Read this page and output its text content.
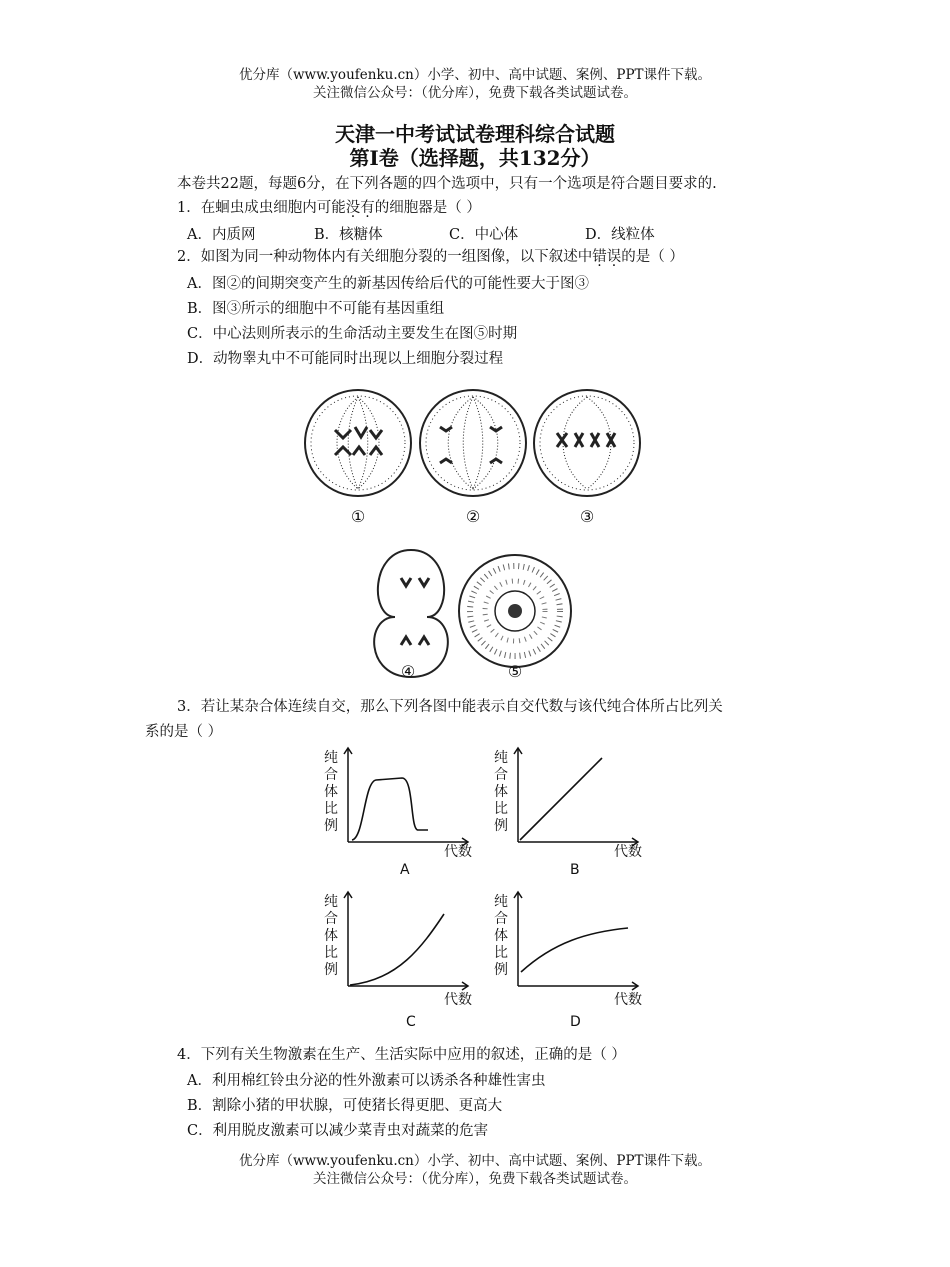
优分库（www.youfenku.cn）小学、初中、高中试题、案例、PPT课件下载。
关注微信公众号：（优分库），免费下载各类试题试卷。
天津一中考试试卷理科综合试题
第I卷（选择题，共132分）
本卷共22题，每题6分，在下列各题的四个选项中，只有一个选项是符合题目要求的.
1．在蛔虫成虫细胞内可能没有的细胞器是（ ）
A．内质网	B．核糖体	C．中心体	D．线粒体
2．如图为同一种动物体内有关细胞分裂的一组图像，以下叙述中错误的是（ ）
A．图②的间期突变产生的新基因传给后代的可能性要大于图③
B．图③所示的细胞中不可能有基因重组
C．中心法则所表示的生命活动主要发生在图⑤时期
D．动物睾丸中不可能同时出现以上细胞分裂过程
①	②	③
④	⑤
3．若让某杂合体连续自交，那么下列各图中能表示自交代数与该代纯合体所占比列关
系的是（ ）
纯
合
体
比
例
纯
合
体
比
例
纯
合
体
比
例
纯
合
体
比
例
代数	代数
代数	代数
A	B
C	D
4．下列有关生物激素在生产、生活实际中应用的叙述，正确的是（ ）
A．利用棉红铃虫分泌的性外激素可以诱杀各种雄性害虫
B．割除小猪的甲状腺，可使猪长得更肥、更高大
C．利用脱皮激素可以减少菜青虫对蔬菜的危害
优分库（www.youfenku.cn）小学、初中、高中试题、案例、PPT课件下载。
关注微信公众号：（优分库），免费下载各类试题试卷。
